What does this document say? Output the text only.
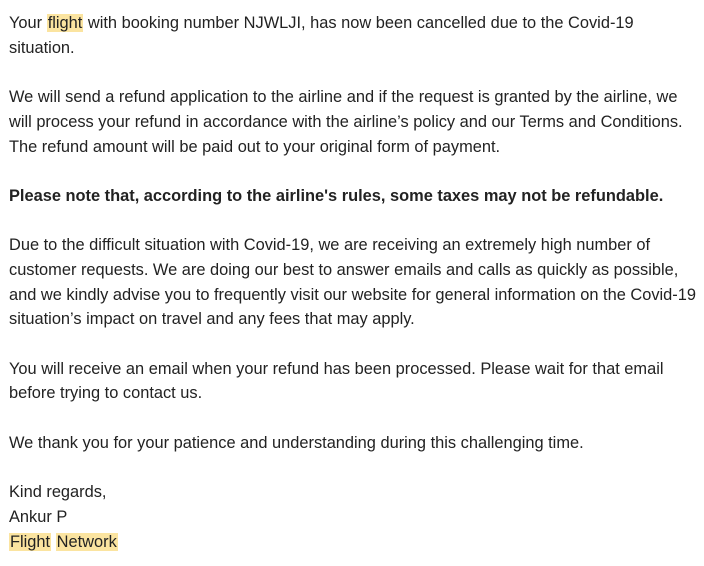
Your flight with booking number NJWLJI, has now been cancelled due to the Covid-19 situation.

We will send a refund application to the airline and if the request is granted by the airline, we will process your refund in accordance with the airline’s policy and our Terms and Conditions. The refund amount will be paid out to your original form of payment.

Please note that, according to the airline's rules, some taxes may not be refundable.

Due to the difficult situation with Covid-19, we are receiving an extremely high number of customer requests. We are doing our best to answer emails and calls as quickly as possible, and we kindly advise you to frequently visit our website for general information on the Covid-19 situation’s impact on travel and any fees that may apply.

You will receive an email when your refund has been processed. Please wait for that email before trying to contact us.

We thank you for your patience and understanding during this challenging time.

Kind regards,
Ankur P
Flight Network
